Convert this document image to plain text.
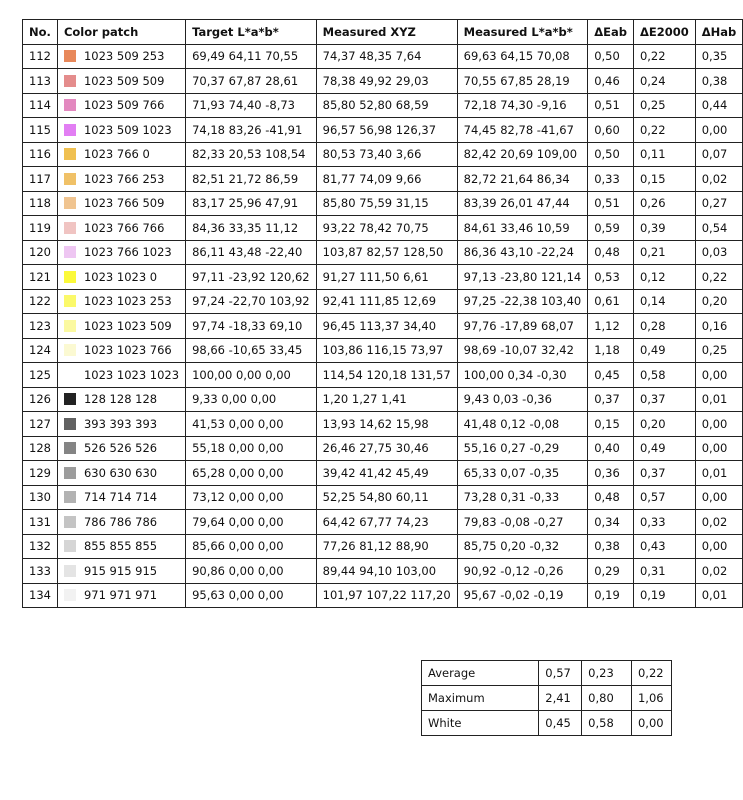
No.	Color patch	Target L*a*b*	Measured XYZ	Measured L*a*b*	ΔEab	ΔE2000	ΔHab
112	1023 509 253	69,49 64,11 70,55	74,37 48,35 7,64	69,63 64,15 70,08	0,50	0,22	0,35
113	1023 509 509	70,37 67,87 28,61	78,38 49,92 29,03	70,55 67,85 28,19	0,46	0,24	0,38
114	1023 509 766	71,93 74,40 -8,73	85,80 52,80 68,59	72,18 74,30 -9,16	0,51	0,25	0,44
115	1023 509 1023	74,18 83,26 -41,91	96,57 56,98 126,37	74,45 82,78 -41,67	0,60	0,22	0,00
116	1023 766 0	82,33 20,53 108,54	80,53 73,40 3,66	82,42 20,69 109,00	0,50	0,11	0,07
117	1023 766 253	82,51 21,72 86,59	81,77 74,09 9,66	82,72 21,64 86,34	0,33	0,15	0,02
118	1023 766 509	83,17 25,96 47,91	85,80 75,59 31,15	83,39 26,01 47,44	0,51	0,26	0,27
119	1023 766 766	84,36 33,35 11,12	93,22 78,42 70,75	84,61 33,46 10,59	0,59	0,39	0,54
120	1023 766 1023	86,11 43,48 -22,40	103,87 82,57 128,50	86,36 43,10 -22,24	0,48	0,21	0,03
121	1023 1023 0	97,11 -23,92 120,62	91,27 111,50 6,61	97,13 -23,80 121,14	0,53	0,12	0,22
122	1023 1023 253	97,24 -22,70 103,92	92,41 111,85 12,69	97,25 -22,38 103,40	0,61	0,14	0,20
123	1023 1023 509	97,74 -18,33 69,10	96,45 113,37 34,40	97,76 -17,89 68,07	1,12	0,28	0,16
124	1023 1023 766	98,66 -10,65 33,45	103,86 116,15 73,97	98,69 -10,07 32,42	1,18	0,49	0,25
125	1023 1023 1023	100,00 0,00 0,00	114,54 120,18 131,57	100,00 0,34 -0,30	0,45	0,58	0,00
126	128 128 128	9,33 0,00 0,00	1,20 1,27 1,41	9,43 0,03 -0,36	0,37	0,37	0,01
127	393 393 393	41,53 0,00 0,00	13,93 14,62 15,98	41,48 0,12 -0,08	0,15	0,20	0,00
128	526 526 526	55,18 0,00 0,00	26,46 27,75 30,46	55,16 0,27 -0,29	0,40	0,49	0,00
129	630 630 630	65,28 0,00 0,00	39,42 41,42 45,49	65,33 0,07 -0,35	0,36	0,37	0,01
130	714 714 714	73,12 0,00 0,00	52,25 54,80 60,11	73,28 0,31 -0,33	0,48	0,57	0,00
131	786 786 786	79,64 0,00 0,00	64,42 67,77 74,23	79,83 -0,08 -0,27	0,34	0,33	0,02
132	855 855 855	85,66 0,00 0,00	77,26 81,12 88,90	85,75 0,20 -0,32	0,38	0,43	0,00
133	915 915 915	90,86 0,00 0,00	89,44 94,10 103,00	90,92 -0,12 -0,26	0,29	0,31	0,02
134	971 971 971	95,63 0,00 0,00	101,97 107,22 117,20	95,67 -0,02 -0,19	0,19	0,19	0,01
Average	0,57	0,23	0,22
Maximum	2,41	0,80	1,06
White	0,45	0,58	0,00
